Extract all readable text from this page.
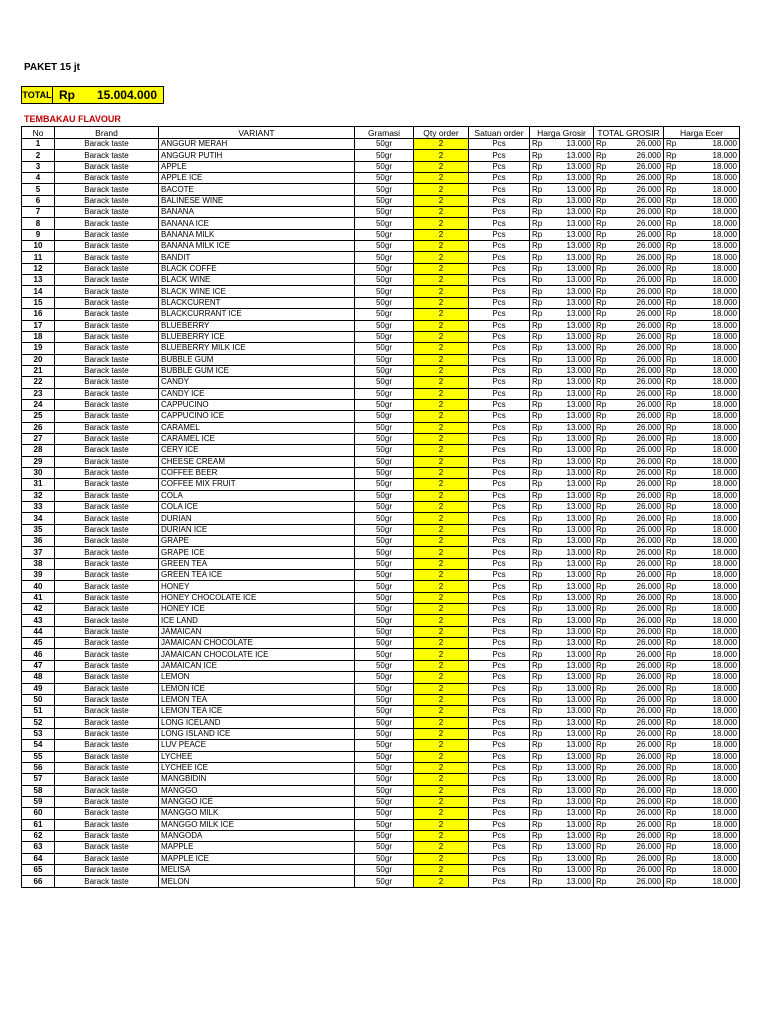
PAKET 15 jt
TOTAL Rp	15.004.000
TEMBAKAU FLAVOUR
No	Brand	VARIANT	Gramasi	Qty order	Satuan order	Harga Grosir	TOTAL GROSIR	Harga Ecer
1	Barack taste	ANGGUR MERAH	50gr	2	Pcs	Rp 13.000	Rp 26.000	Rp 18.000

2	Barack taste	ANGGUR PUTIH	50gr	2	Pcs	Rp 13.000	Rp 26.000	Rp 18.000

3	Barack taste	APPLE	50gr	2	Pcs	Rp 13.000	Rp 26.000	Rp 18.000

4	Barack taste	APPLE ICE	50gr	2	Pcs	Rp 13.000	Rp 26.000	Rp 18.000

5	Barack taste	BACOTE	50gr	2	Pcs	Rp 13.000	Rp 26.000	Rp 18.000

6	Barack taste	BALINESE WINE	50gr	2	Pcs	Rp 13.000	Rp 26.000	Rp 18.000

7	Barack taste	BANANA	50gr	2	Pcs	Rp 13.000	Rp 26.000	Rp 18.000

8	Barack taste	BANANA ICE	50gr	2	Pcs	Rp 13.000	Rp 26.000	Rp 18.000

9	Barack taste	BANANA MILK	50gr	2	Pcs	Rp 13.000	Rp 26.000	Rp 18.000

10	Barack taste	BANANA MILK ICE	50gr	2	Pcs	Rp 13.000	Rp 26.000	Rp 18.000

11	Barack taste	BANDIT	50gr	2	Pcs	Rp 13.000	Rp 26.000	Rp 18.000

12	Barack taste	BLACK COFFE	50gr	2	Pcs	Rp 13.000	Rp 26.000	Rp 18.000

13	Barack taste	BLACK WINE	50gr	2	Pcs	Rp 13.000	Rp 26.000	Rp 18.000

14	Barack taste	BLACK WINE ICE	50gr	2	Pcs	Rp 13.000	Rp 26.000	Rp 18.000

15	Barack taste	BLACKCURENT	50gr	2	Pcs	Rp 13.000	Rp 26.000	Rp 18.000

16	Barack taste	BLACKCURRANT ICE	50gr	2	Pcs	Rp 13.000	Rp 26.000	Rp 18.000

17	Barack taste	BLUEBERRY	50gr	2	Pcs	Rp 13.000	Rp 26.000	Rp 18.000

18	Barack taste	BLUEBERRY ICE	50gr	2	Pcs	Rp 13.000	Rp 26.000	Rp 18.000

19	Barack taste	BLUEBERRY MILK ICE	50gr	2	Pcs	Rp 13.000	Rp 26.000	Rp 18.000

20	Barack taste	BUBBLE GUM	50gr	2	Pcs	Rp 13.000	Rp 26.000	Rp 18.000

21	Barack taste	BUBBLE GUM ICE	50gr	2	Pcs	Rp 13.000	Rp 26.000	Rp 18.000

22	Barack taste	CANDY	50gr	2	Pcs	Rp 13.000	Rp 26.000	Rp 18.000

23	Barack taste	CANDY ICE	50gr	2	Pcs	Rp 13.000	Rp 26.000	Rp 18.000

24	Barack taste	CAPPUCINO	50gr	2	Pcs	Rp 13.000	Rp 26.000	Rp 18.000

25	Barack taste	CAPPUCINO ICE	50gr	2	Pcs	Rp 13.000	Rp 26.000	Rp 18.000

26	Barack taste	CARAMEL	50gr	2	Pcs	Rp 13.000	Rp 26.000	Rp 18.000

27	Barack taste	CARAMEL ICE	50gr	2	Pcs	Rp 13.000	Rp 26.000	Rp 18.000

28	Barack taste	CERY ICE	50gr	2	Pcs	Rp 13.000	Rp 26.000	Rp 18.000

29	Barack taste	CHEESE CREAM	50gr	2	Pcs	Rp 13.000	Rp 26.000	Rp 18.000

30	Barack taste	COFFEE BEER	50gr	2	Pcs	Rp 13.000	Rp 26.000	Rp 18.000

31	Barack taste	COFFEE MIX FRUIT	50gr	2	Pcs	Rp 13.000	Rp 26.000	Rp 18.000

32	Barack taste	COLA	50gr	2	Pcs	Rp 13.000	Rp 26.000	Rp 18.000

33	Barack taste	COLA ICE	50gr	2	Pcs	Rp 13.000	Rp 26.000	Rp 18.000

34	Barack taste	DURIAN	50gr	2	Pcs	Rp 13.000	Rp 26.000	Rp 18.000

35	Barack taste	DURIAN ICE	50gr	2	Pcs	Rp 13.000	Rp 26.000	Rp 18.000

36	Barack taste	GRAPE	50gr	2	Pcs	Rp 13.000	Rp 26.000	Rp 18.000

37	Barack taste	GRAPE ICE	50gr	2	Pcs	Rp 13.000	Rp 26.000	Rp 18.000

38	Barack taste	GREEN TEA	50gr	2	Pcs	Rp 13.000	Rp 26.000	Rp 18.000

39	Barack taste	GREEN TEA ICE	50gr	2	Pcs	Rp 13.000	Rp 26.000	Rp 18.000

40	Barack taste	HONEY	50gr	2	Pcs	Rp 13.000	Rp 26.000	Rp 18.000

41	Barack taste	HONEY CHOCOLATE ICE	50gr	2	Pcs	Rp 13.000	Rp 26.000	Rp 18.000

42	Barack taste	HONEY ICE	50gr	2	Pcs	Rp 13.000	Rp 26.000	Rp 18.000

43	Barack taste	ICE LAND	50gr	2	Pcs	Rp 13.000	Rp 26.000	Rp 18.000

44	Barack taste	JAMAICAN	50gr	2	Pcs	Rp 13.000	Rp 26.000	Rp 18.000

45	Barack taste	JAMAICAN CHOCOLATE	50gr	2	Pcs	Rp 13.000	Rp 26.000	Rp 18.000

46	Barack taste	JAMAICAN CHOCOLATE ICE	50gr	2	Pcs	Rp 13.000	Rp 26.000	Rp 18.000

47	Barack taste	JAMAICAN ICE	50gr	2	Pcs	Rp 13.000	Rp 26.000	Rp 18.000

48	Barack taste	LEMON	50gr	2	Pcs	Rp 13.000	Rp 26.000	Rp 18.000

49	Barack taste	LEMON ICE	50gr	2	Pcs	Rp 13.000	Rp 26.000	Rp 18.000

50	Barack taste	LEMON TEA	50gr	2	Pcs	Rp 13.000	Rp 26.000	Rp 18.000

51	Barack taste	LEMON TEA ICE	50gr	2	Pcs	Rp 13.000	Rp 26.000	Rp 18.000

52	Barack taste	LONG ICELAND	50gr	2	Pcs	Rp 13.000	Rp 26.000	Rp 18.000

53	Barack taste	LONG ISLAND ICE	50gr	2	Pcs	Rp 13.000	Rp 26.000	Rp 18.000

54	Barack taste	LUV PEACE	50gr	2	Pcs	Rp 13.000	Rp 26.000	Rp 18.000

55	Barack taste	LYCHEE	50gr	2	Pcs	Rp 13.000	Rp 26.000	Rp 18.000

56	Barack taste	LYCHEE ICE	50gr	2	Pcs	Rp 13.000	Rp 26.000	Rp 18.000

57	Barack taste	MANGBIDIN	50gr	2	Pcs	Rp 13.000	Rp 26.000	Rp 18.000

58	Barack taste	MANGGO	50gr	2	Pcs	Rp 13.000	Rp 26.000	Rp 18.000

59	Barack taste	MANGGO ICE	50gr	2	Pcs	Rp 13.000	Rp 26.000	Rp 18.000

60	Barack taste	MANGGO MILK	50gr	2	Pcs	Rp 13.000	Rp 26.000	Rp 18.000

61	Barack taste	MANGGO MILK ICE	50gr	2	Pcs	Rp 13.000	Rp 26.000	Rp 18.000

62	Barack taste	MANGODA	50gr	2	Pcs	Rp 13.000	Rp 26.000	Rp 18.000

63	Barack taste	MAPPLE	50gr	2	Pcs	Rp 13.000	Rp 26.000	Rp 18.000

64	Barack taste	MAPPLE ICE	50gr	2	Pcs	Rp 13.000	Rp 26.000	Rp 18.000

65	Barack taste	MELISA	50gr	2	Pcs	Rp 13.000	Rp 26.000	Rp 18.000

66	Barack taste	MELON	50gr	2	Pcs	Rp 13.000	Rp 26.000	Rp 18.000
